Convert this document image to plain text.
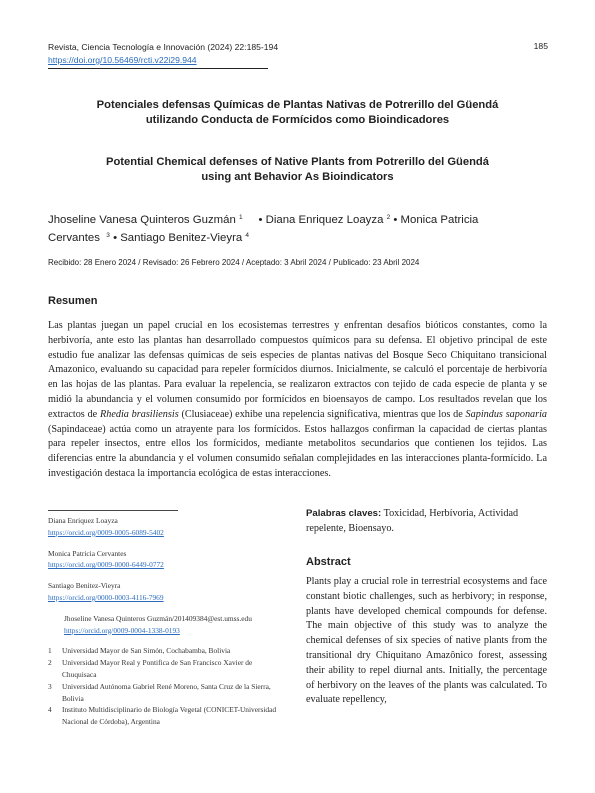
Revista, Ciencia Tecnología e Innovación (2024) 22:185-194
https://doi.org/10.56469/rcti.v22i29.944
185
Potenciales defensas Químicas de Plantas Nativas de Potrerillo del Güendá
utilizando Conducta de Formícidos como Bioindicadores
Potential Chemical defenses of Native Plants from Potrerillo del Güendá
using ant Behavior As Bioindicators
Jhoseline Vanesa Quinteros Guzmán $^1$ • Diana Enriquez Loayza $^2$ • Monica Patricia Cervantes $^3$ • Santiago Benitez-Vieyra $^4$
Recibido: 28 Enero 2024 / Revisado: 26 Febrero 2024 / Aceptado: 3 Abril 2024 / Publicado: 23 Abril 2024
Resumen
Las plantas juegan un papel crucial en los ecosistemas terrestres y enfrentan desafíos bióticos constantes, como la herbivoría, ante esto las plantas han desarrollado compuestos químicos para su defensa. El objetivo principal de este estudio fue analizar las defensas químicas de seis especies de plantas nativas del Bosque Seco Chiquitano transicional Amazonico, evaluando su capacidad para repeler formícidos diurnos. Inicialmente, se calculó el porcentaje de herbivoría en las hojas de las plantas. Para evaluar la repelencia, se realizaron extractos con tejido de cada especie de planta y se midió la abundancia y el volumen consumido por formícidos en bioensayos de campo. Los resultados revelan que los extractos de Rhedia brasiliensis (Clusiaceae) exhibe una repelencia significativa, mientras que los de Sapindus saponaria (Sapindaceae) actúa como un atrayente para los formícidos. Estos hallazgos confirman la capacidad de ciertas plantas para repeler insectos, entre ellos los formícidos, mediante metabolitos secundarios que contienen los tejidos. Las diferencias entre la abundancia y el volumen consumido señalan complejidades en las interacciones planta-formícido. La investigación destaca la importancia ecológica de estas interacciones.
Diana Enriquez Loayza
https://orcid.org/0009-0005-6089-5402
Monica Patricia Cervantes
https://orcid.org/0009-0000-6449-0772
Santiago Benitez-Vieyra
https://orcid.org/0000-0003-4116-7969
Jhoseline Vanesa Quinteros Guzmán/201409384@est.umss.edu
https://orcid.org/0009-0004-1338-0193
1	Universidad Mayor de San Simón, Cochabamba, Bolivia
2	Universidad Mayor Real y Pontifica de San Francisco Xavier de Chuquisaca
3	Universidad Autónoma Gabriel René Moreno, Santa Cruz de la Sierra, Bolivia
4	Instituto Multidisciplinario de Biología Vegetal (CONICET-Universidad Nacional de Córdoba), Argentina
Palabras claves: Toxicidad, Herbívoria, Actividad repelente, Bioensayo.
Abstract
Plants play a crucial role in terrestrial ecosystems and face constant biotic challenges, such as herbivory; in response, plants have developed chemical compounds for defense. The main objective of this study was to analyze the chemical defenses of six species of native plants from the transitional dry Chiquitano Amazônico forest, assessing their ability to repel diurnal ants. Initially, the percentage of herbivory on the leaves of the plants was calculated. To evaluate repellency,
